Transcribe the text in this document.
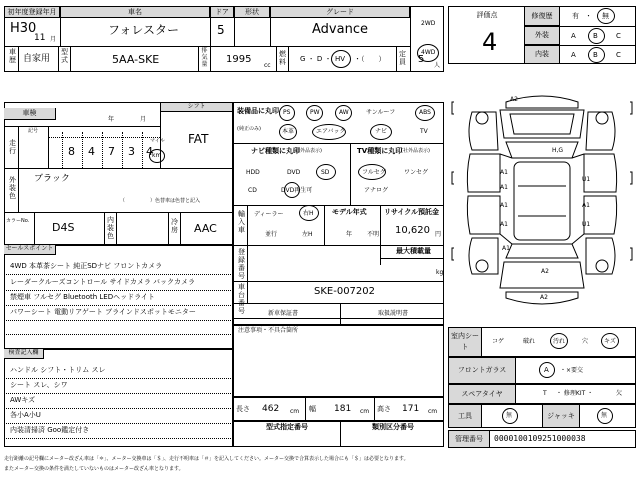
初年度登録年月	車名	ドア	形状	グレード
H30
11 月
フォレスター	5	Advance	2WD
4WD
車歴 自家用
型式	5AA-SKE
排気量 1995
cc
燃料 G ・ D ・ HV ・（　　）
定員 5
人
車検
年	月
シフト
FAT
走行
記号
8 4 7 3 4
マイル
km
外装色
ブラック
（　　　　　）色替車は色替と記入
カラーNo. D4S
内装色
冷房 AAC
装備品に丸印
(純正のみ)
PS	PW	AW	サンルーフ	ABS
本革	エアバック	ナビ	TV
ナビ種類に丸印
(社外品表示)	TV種類に丸印
(社外品表示)
HDD	DVD	SD
CD	DVD再生可
フルセグ	ワンセグ
アナログ
輸入車
ディーラー
並行
右H
左H
モデル年式
年 不明
リサイクル預託金
10,620 円
登録番号
最大積載量
kg
車台番号
SKE-007202
セールスポイント
4WD 本革茶シート 純正SDナビ フロントカメラ
レーダークルーズコントロール サイドカメラ バックカメラ
禁煙車 フルセグ Bluetooth LEDヘッドライト
パワーシート 電動リアゲート ブラインドスポットモニター	新車保証書	取扱説明書
注意事項・不具合箇所
検査記入欄
ハンドル シフト・トリム スレ
シート スレ、シワ
AWキズ
各小A小U
内装清掃済 Goo鑑定付き
長さ 462 cm 幅 181 cm 高さ 171 cm
型式指定番号	類別区分番号
評価点
4
修復歴
外装
内装
有 ・ 無
A B	C
A B	C
A2
A1
A1
U1
A1	A1
A1	U1
A2
A1
A2
H,G
室内シート
コゲ	破れ	汚れ	穴	キズ
フロントガラス	A ・×要交
スペアタイヤ	T ・ 修理KIT ・	欠
工具	無	ジャッキ	無
管理番号	0000100109251000038
走行距離の記号欄にメーター改ざん車は「＊」、メーター交換車は「＄」、走行不明車は「＃」を記入してください。メーター交換で合算表示した場合にも「＄」は必要となります。
またメーター交換の条件を満たしていないものはメーター改ざん車となります。
